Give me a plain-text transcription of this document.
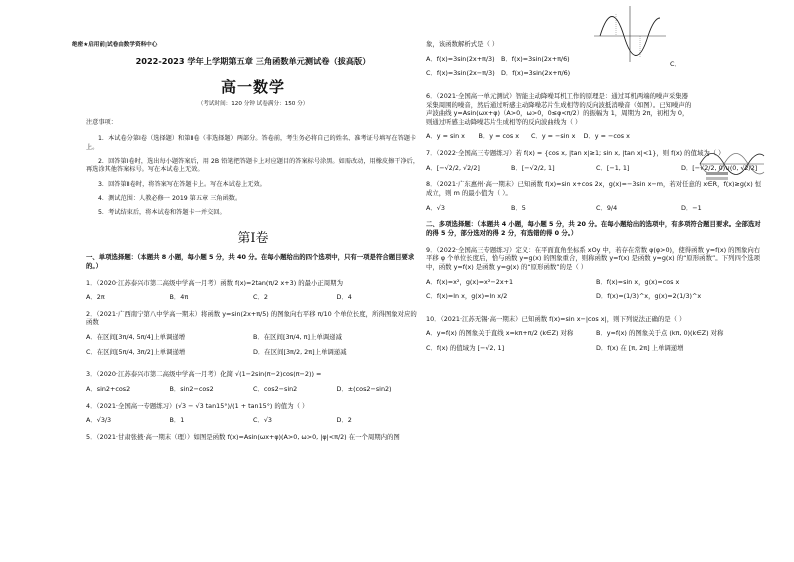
绝密★启用前|试卷由数学资料中心
2022-2023 学年上学期第五章 三角函数单元测试卷（拔高版）
高一数学
（考试时间：120 分钟 试卷满分：150 分）
注意事项：
1．本试卷分第Ⅰ卷（选择题）和第Ⅱ卷（非选择题）两部分。答卷前，考生务必将自己的姓名、准考证号填写在答题卡上。
2．回答第Ⅰ卷时，选出每小题答案后，用 2B 铅笔把答题卡上对应题目的答案标号涂黑。如需改动，用橡皮擦干净后，再选涂其他答案标号。写在本试卷上无效。
3．回答第Ⅱ卷时，将答案写在答题卡上。写在本试卷上无效。
4．测试范围：人教必修一 2019 第五章 三角函数。
5．考试结束后，将本试卷和答题卡一并交回。
第Ⅰ卷
一、单项选择题：（本题共 8 小题，每小题 5 分，共 40 分。在每小题给出的四个选项中，只有一项是符合题目要求的。）
1．（2020·江苏泰兴市第二高级中学高一月考）函数 f(x)=2tan(π/2 x+3) 的最小正周期为
A．2π	B．4π	C．2	D．4
2．（2021·广西南宁第八中学高一期末）将函数 y=sin(2x+π/5) 的图象向右平移 π/10 个单位长度，所得图象对应的函数
A．在区间[3π/4, 5π/4]上单调递增	B．在区间[3π/4, π]上单调递减
C．在区间[5π/4, 3π/2]上单调递增	D．在区间[3π/2, 2π]上单调递减
3．（2020·江苏泰兴市第二高级中学高一月考）化简 √(1−2sin(π−2)cos(π−2)) =
A．sin2+cos2	B．sin2−cos2	C．cos2−sin2	D．±(cos2−sin2)
4．（2021·全国高一专题练习）(√3 − √3 tan15°)/(1 + tan15°) 的值为（ ）
A．√3/3	B．1	C．√3	D．2
5．（2021·甘肃张掖·高一期末（理））如图是函数 f(x)=Asin(ωx+φ)(A>0, ω>0, |φ|<π/2) 在一个周期内的图
象，该函数解析式是（ ）
A．f(x)=3sin(2x+π/3) B．f(x)=3sin(2x+π/6)
C．f(x)=3sin(2x−π/3) D．f(x)=3sin(2x+π/6)
C．
6．（2021·全国高一单元测试）智能主动降噪耳机工作的原理是：通过耳机两端的噪声采集器采集周围的噪音，然后通过听感主动降噪芯片生成相等的反向波抵消噪音（如图）。已知噪声的声波曲线 y=Asin(ωx+φ)（A>0，ω>0，0≤φ<π/2）的振幅为 1，周期为 2π，初相为 0，则通过听感主动降噪芯片生成相等的反向波曲线为（ ）
A．y = sin x	B．y = cos x	C．y = −sin x	D．y = −cos x
7．（2022·全国高三专题练习）若 f(x) = {cos x, |tan x|≥1; sin x, |tan x|<1}，则 f(x) 的值域为（ ）
A．[−√2/2, √2/2]	B．[−√2/2, 1]	C．[−1, 1]	D．[−√2/2, 0)∪(0, √2/2]
8．（2021·广东惠州·高一期末）已知函数 f(x)=sin x+cos 2x，g(x)=−3sin x−m，若对任意的 x∈R，f(x)≥g(x) 恒成立，则 m 的最小值为（ ）。
A．√3	B．5	C．9/4	D．−1
二、多项选择题：（本题共 4 小题，每小题 5 分，共 20 分。在每小题给出的选项中，有多项符合题目要求。全部选对的得 5 分，部分选对的得 2 分，有选错的得 0 分。）
9．（2022·全国高三专题练习）定义：在平面直角坐标系 xOy 中，若存在常数 φ(φ>0)，使得函数 y=f(x) 的图象向右平移 φ 个单位长度后，恰与函数 y=g(x) 的图象重合，则称函数 y=f(x) 是函数 y=g(x) 的“原形函数”。下列四个选项中，函数 y=f(x) 是函数 y=g(x) 的“原形函数”的是（ ）
A．f(x)=x²，g(x)=x²−2x+1	B．f(x)=sin x，g(x)=cos x
C．f(x)=ln x，g(x)=ln x/2	D．f(x)=(1/3)^x，g(x)=2(1/3)^x
10．（2021·江苏无锡·高一期末）已知函数 f(x)=sin x−|cos x|，则下列说法正确的是（ ）
A．y=f(x) 的图象关于直线 x=kπ+π/2 (k∈Z) 对称	B．y=f(x) 的图象关于点 (kπ, 0)(k∈Z) 对称
C．f(x) 的值域为 [−√2, 1]	D．f(x) 在 [π, 2π] 上单调递增
